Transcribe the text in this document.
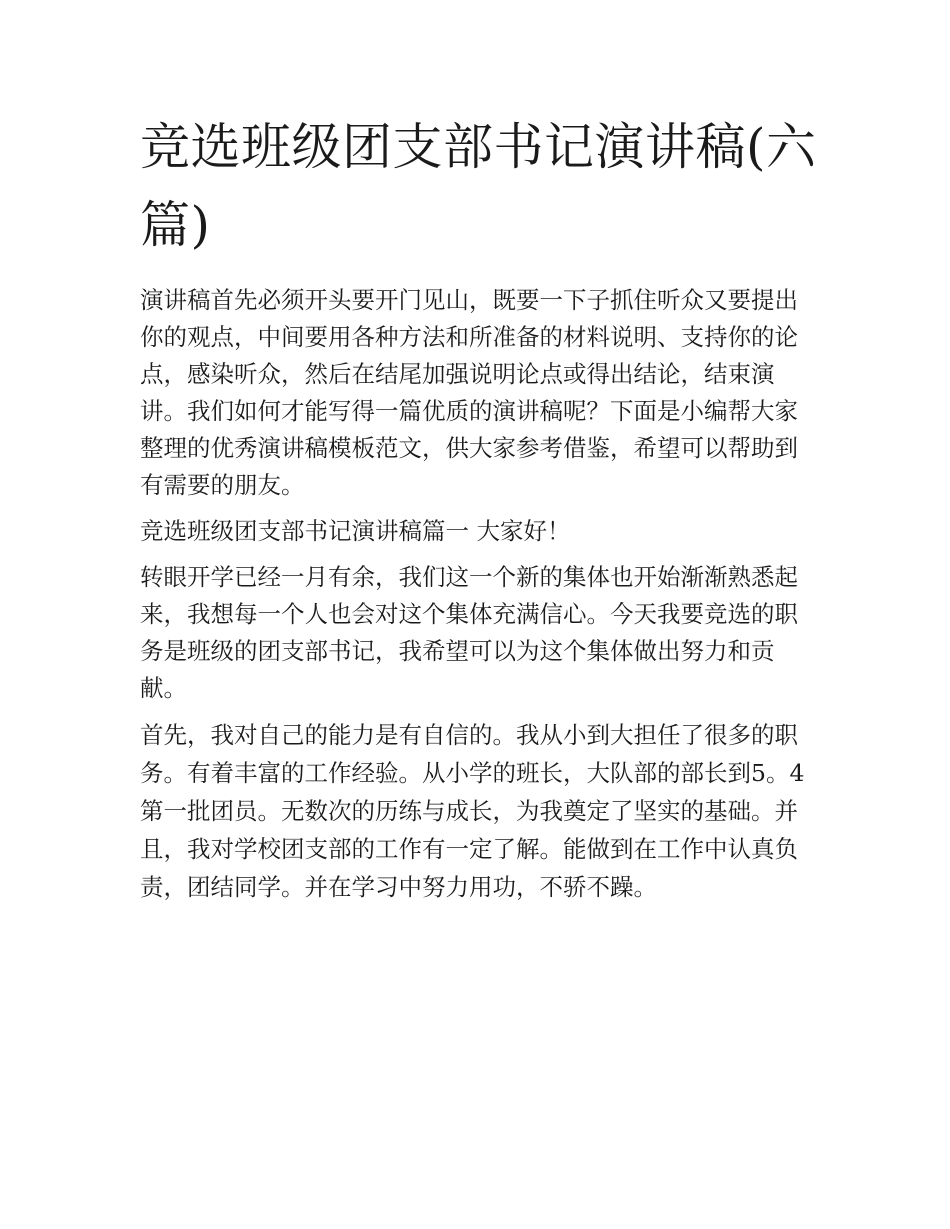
竞选班级团支部书记演讲稿(六篇)

演讲稿首先必须开头要开门见山，既要一下子抓住听众又要提出你的观点，中间要用各种方法和所准备的材料说明、支持你的论点，感染听众，然后在结尾加强说明论点或得出结论，结束演讲。我们如何才能写得一篇优质的演讲稿呢？下面是小编帮大家整理的优秀演讲稿模板范文，供大家参考借鉴，希望可以帮助到有需要的朋友。

竞选班级团支部书记演讲稿篇一 大家好！

转眼开学已经一月有余，我们这一个新的集体也开始渐渐熟悉起来，我想每一个人也会对这个集体充满信心。今天我要竞选的职务是班级的团支部书记，我希望可以为这个集体做出努力和贡献。

首先，我对自己的能力是有自信的。我从小到大担任了很多的职务。有着丰富的工作经验。从小学的班长，大队部的部长到5。4 第一批团员。无数次的历练与成长，为我奠定了坚实的基础。并且，我对学校团支部的工作有一定了解。能做到在工作中认真负责，团结同学。并在学习中努力用功，不骄不躁。
